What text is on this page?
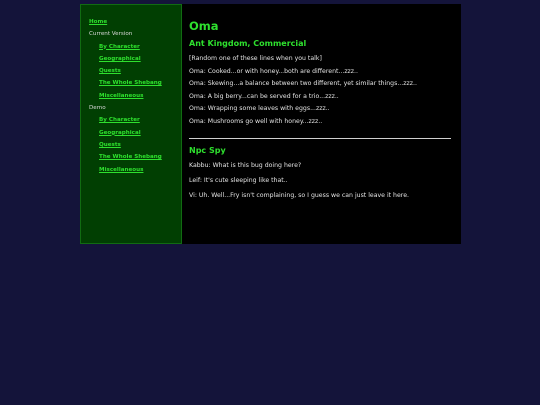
Home
Current Version
By Character
Geographical
Quests
The Whole Shebang
Miscellaneous
Demo
By Character
Geographical
Quests
The Whole Shebang
Miscellaneous
Oma
Ant Kingdom, Commercial

[Random one of these lines when you talk]

Oma: Cooked...or with honey...both are different...zzz..

Oma: Skewing...a balance between two different, yet similar things...zzz..

Oma: A big berry...can be served for a trio...zzz..

Oma: Wrapping some leaves with eggs...zzz..

Oma: Mushrooms go well with honey...zzz..

Npc Spy

Kabbu: What is this bug doing here?

Leif: It's cute sleeping like that..

Vi: Uh. Well...Fry isn't complaining, so I guess we can just leave it here.
